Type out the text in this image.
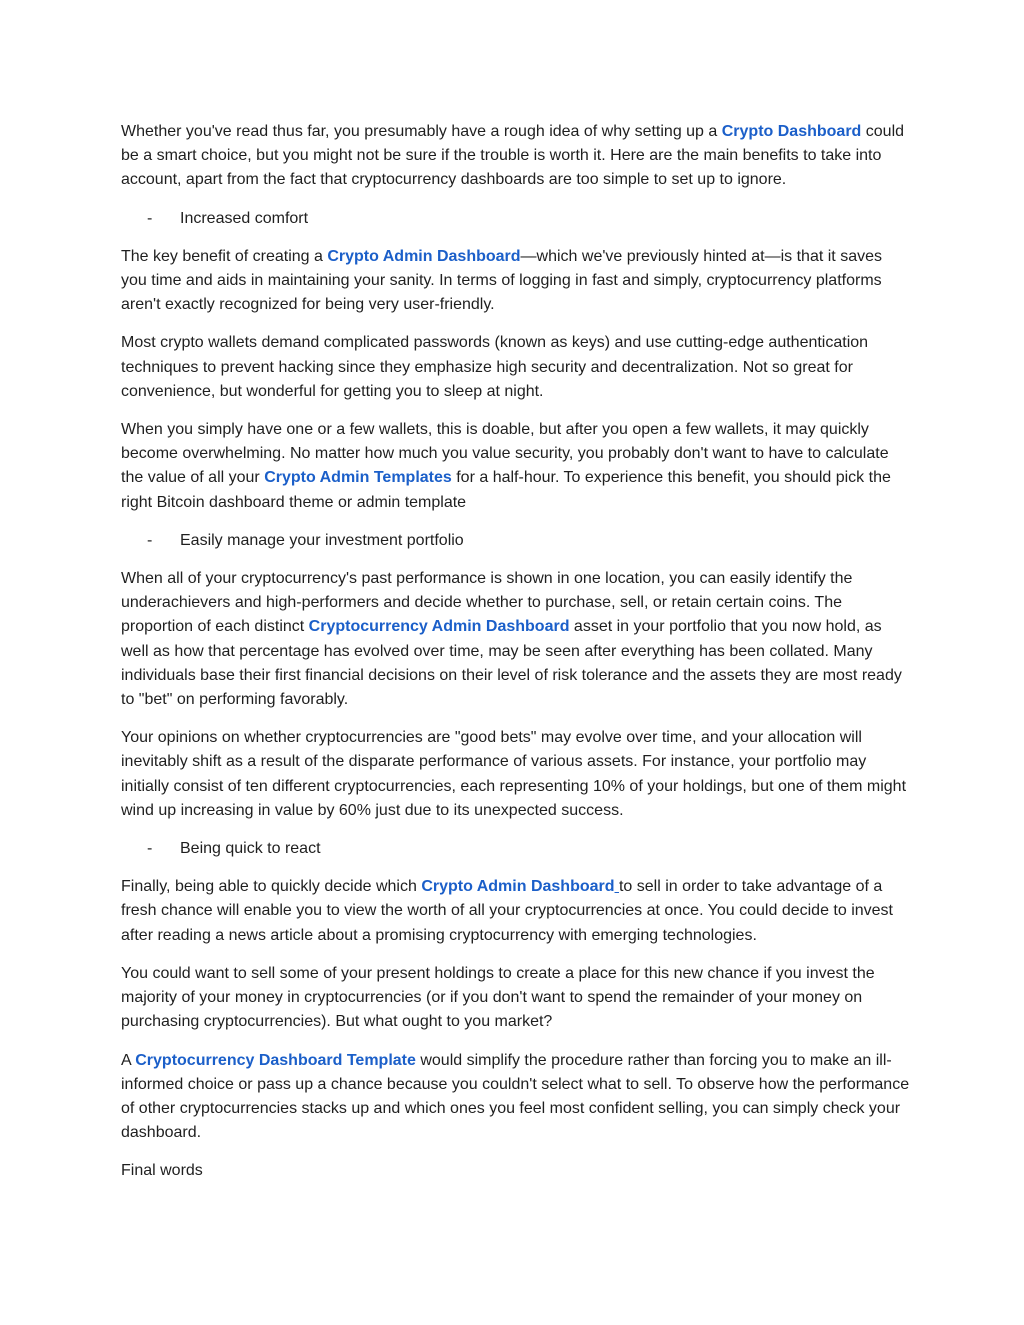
Whether you've read thus far, you presumably have a rough idea of why setting up a Crypto Dashboard could be a smart choice, but you might not be sure if the trouble is worth it. Here are the main benefits to take into account, apart from the fact that cryptocurrency dashboards are too simple to set up to ignore.

-	Increased comfort

The key benefit of creating a Crypto Admin Dashboard—which we've previously hinted at—is that it saves you time and aids in maintaining your sanity. In terms of logging in fast and simply, cryptocurrency platforms aren't exactly recognized for being very user-friendly.

Most crypto wallets demand complicated passwords (known as keys) and use cutting-edge authentication techniques to prevent hacking since they emphasize high security and decentralization. Not so great for convenience, but wonderful for getting you to sleep at night.

When you simply have one or a few wallets, this is doable, but after you open a few wallets, it may quickly become overwhelming. No matter how much you value security, you probably don't want to have to calculate the value of all your Crypto Admin Templates for a half-hour. To experience this benefit, you should pick the right Bitcoin dashboard theme or admin template

-	Easily manage your investment portfolio

When all of your cryptocurrency's past performance is shown in one location, you can easily identify the underachievers and high-performers and decide whether to purchase, sell, or retain certain coins. The proportion of each distinct Cryptocurrency Admin Dashboard asset in your portfolio that you now hold, as well as how that percentage has evolved over time, may be seen after everything has been collated. Many individuals base their first financial decisions on their level of risk tolerance and the assets they are most ready to "bet" on performing favorably.

Your opinions on whether cryptocurrencies are "good bets" may evolve over time, and your allocation will inevitably shift as a result of the disparate performance of various assets. For instance, your portfolio may initially consist of ten different cryptocurrencies, each representing 10% of your holdings, but one of them might wind up increasing in value by 60% just due to its unexpected success.

-	Being quick to react

Finally, being able to quickly decide which Crypto Admin Dashboard to sell in order to take advantage of a fresh chance will enable you to view the worth of all your cryptocurrencies at once. You could decide to invest after reading a news article about a promising cryptocurrency with emerging technologies.

You could want to sell some of your present holdings to create a place for this new chance if you invest the majority of your money in cryptocurrencies (or if you don't want to spend the remainder of your money on purchasing cryptocurrencies). But what ought to you market?

A Cryptocurrency Dashboard Template would simplify the procedure rather than forcing you to make an ill-informed choice or pass up a chance because you couldn't select what to sell. To observe how the performance of other cryptocurrencies stacks up and which ones you feel most confident selling, you can simply check your dashboard.

Final words
